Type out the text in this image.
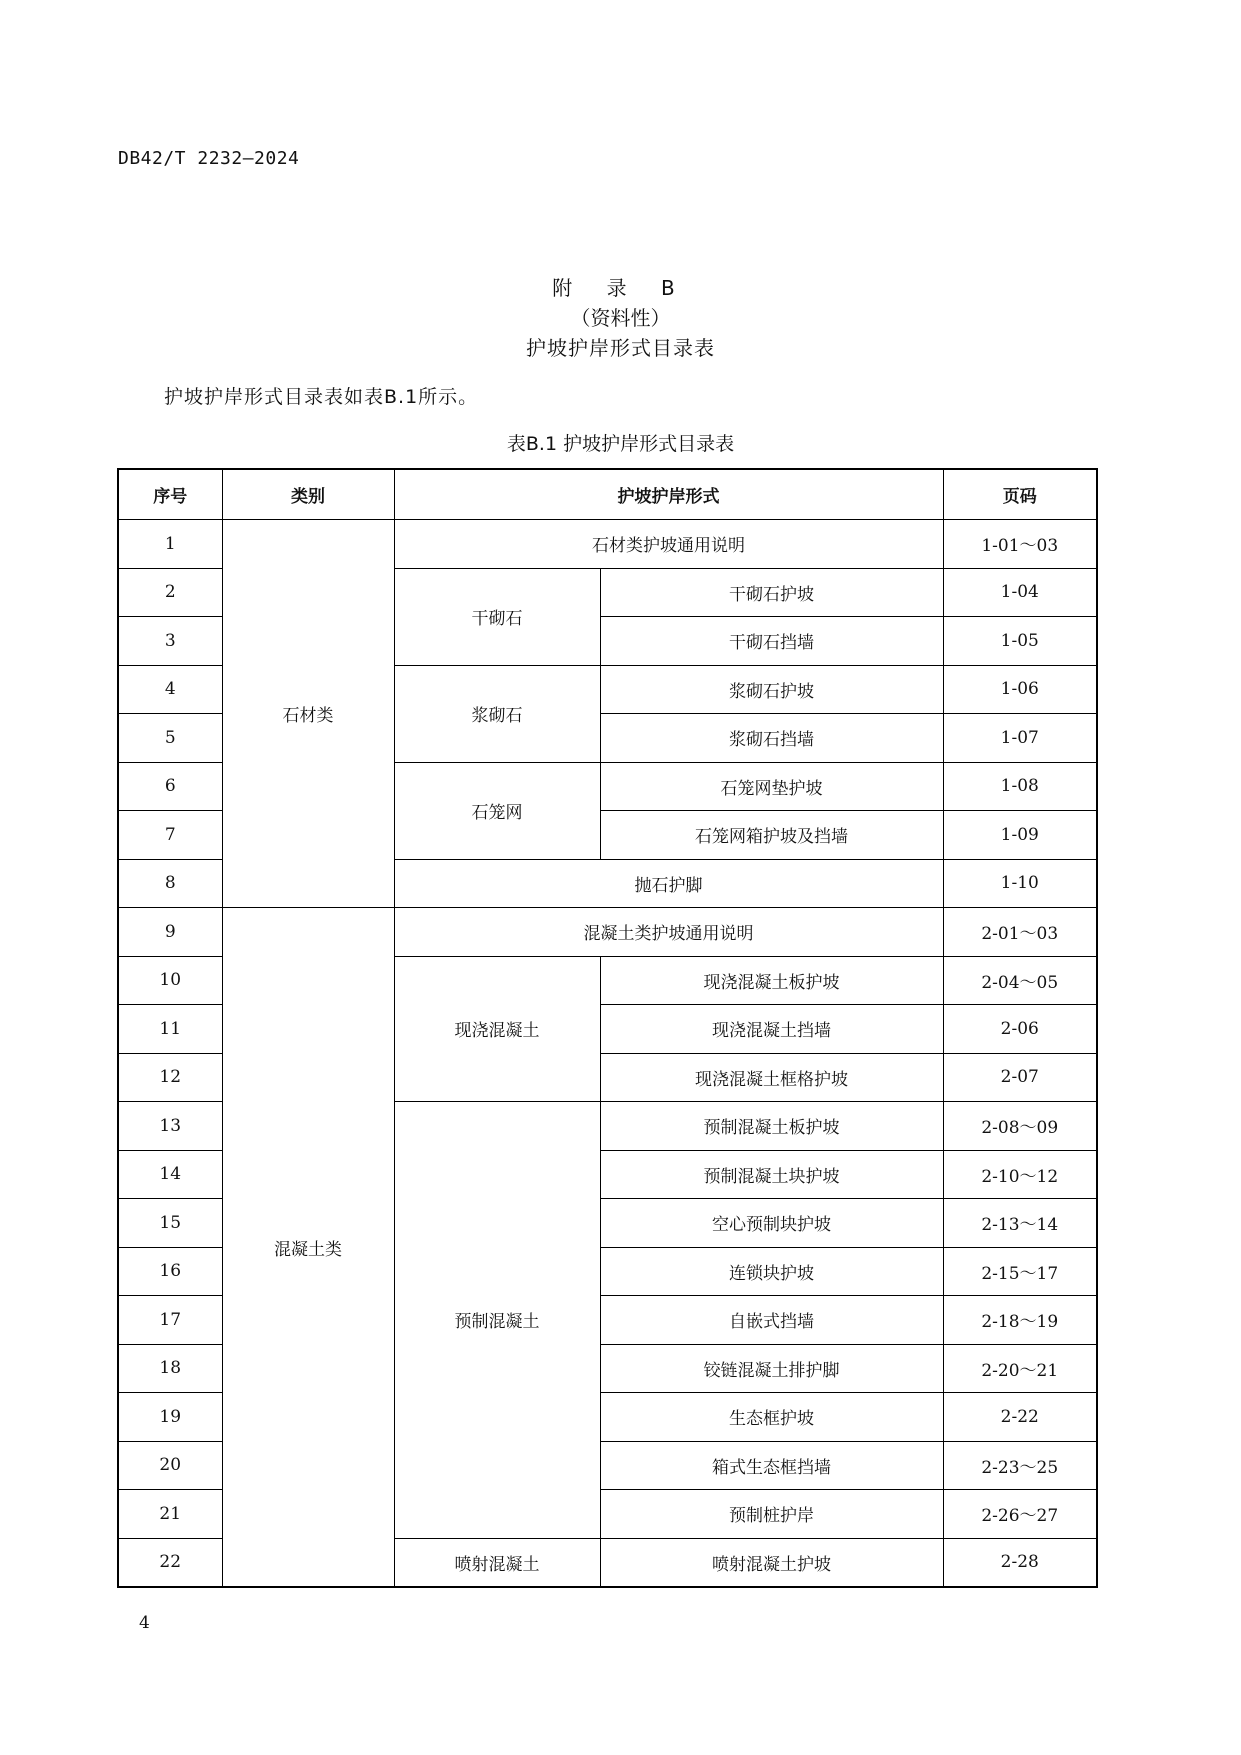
DB42/T 2232—2024
附 录 B
（资料性）
护坡护岸形式目录表
护坡护岸形式目录表如表B.1所示。
表B.1 护坡护岸形式目录表
序号	类别	护坡护岸形式		页码
1	石材类	石材类护坡通用说明		1-01～03
2		干砌石	干砌石护坡	1-04
3			干砌石挡墙	1-05
4		浆砌石	浆砌石护坡	1-06
5			浆砌石挡墙	1-07
6		石笼网	石笼网垫护坡	1-08
7			石笼网箱护坡及挡墙	1-09
8		抛石护脚		1-10
9	混凝土类	混凝土类护坡通用说明		2-01～03
10		现浇混凝土	现浇混凝土板护坡	2-04～05
11			现浇混凝土挡墙	2-06
12			现浇混凝土框格护坡	2-07
13		预制混凝土	预制混凝土板护坡	2-08～09
14			预制混凝土块护坡	2-10～12
15			空心预制块护坡	2-13～14
16			连锁块护坡	2-15～17
17			自嵌式挡墙	2-18～19
18			铰链混凝土排护脚	2-20～21
19			生态框护坡	2-22
20			箱式生态框挡墙	2-23～25
21			预制桩护岸	2-26～27
22		喷射混凝土	喷射混凝土护坡	2-28
4
